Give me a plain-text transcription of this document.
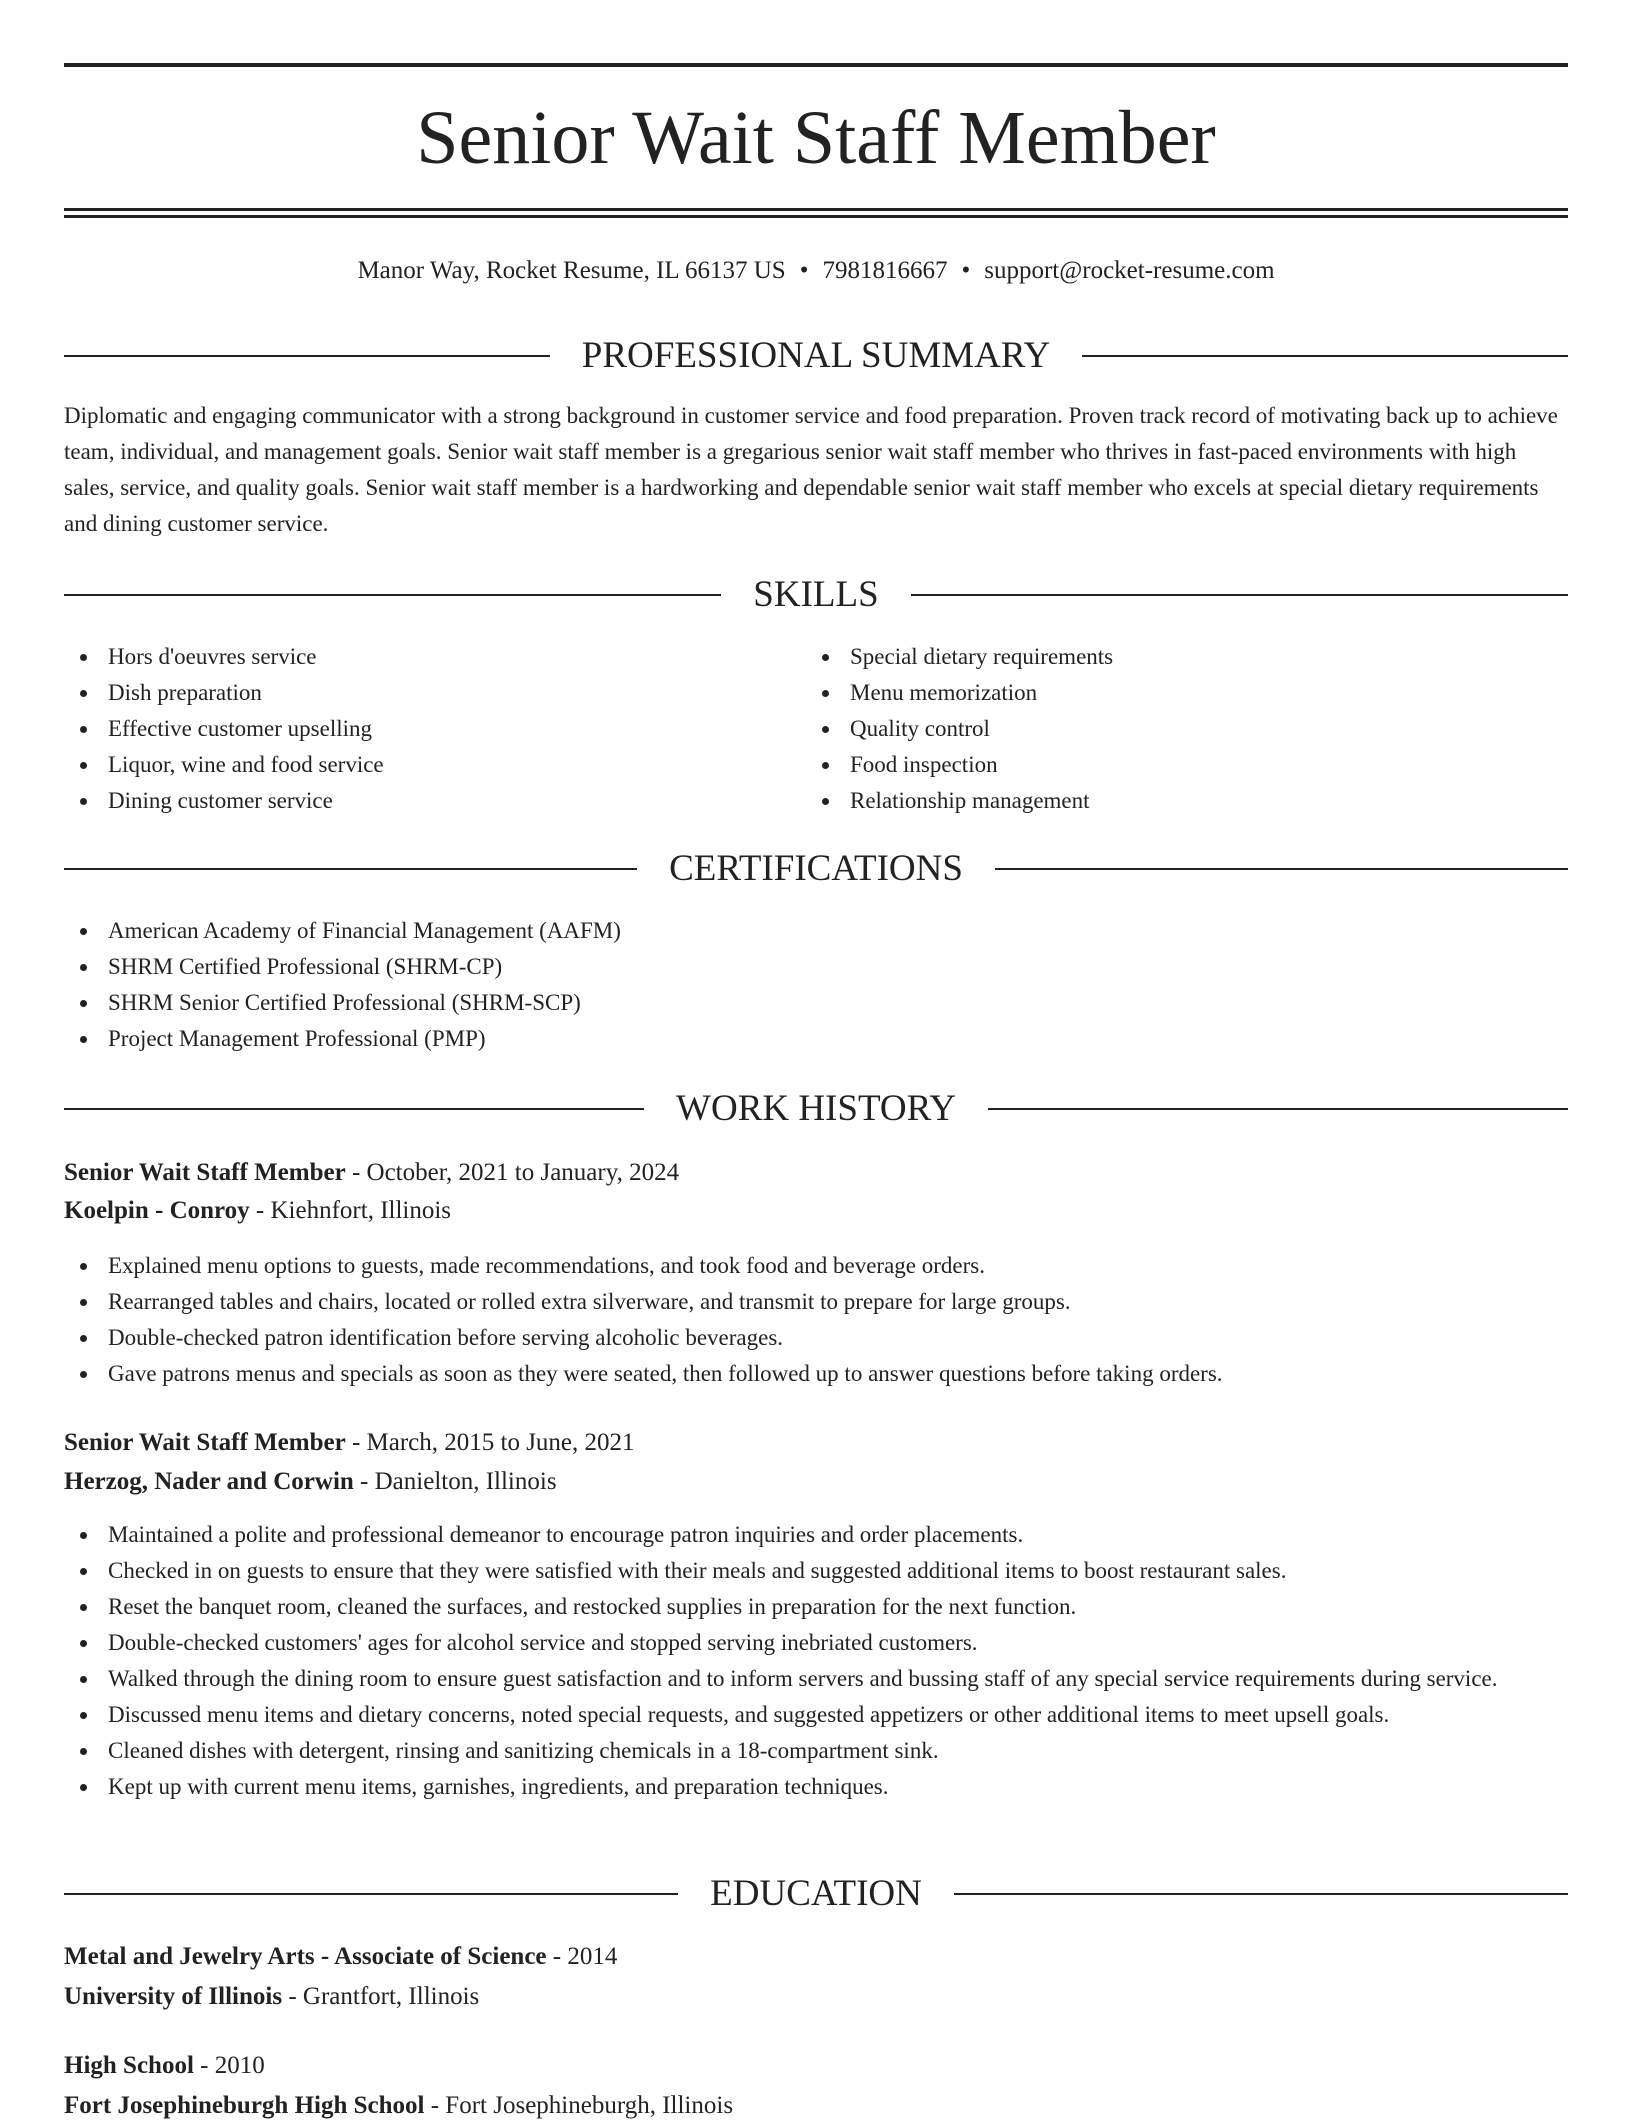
Senior Wait Staff Member
Manor Way, Rocket Resume, IL 66137 US • 7981816667 • support@rocket-resume.com
PROFESSIONAL SUMMARY
Diplomatic and engaging communicator with a strong background in customer service and food preparation. Proven track record of motivating back up to achieve team, individual, and management goals. Senior wait staff member is a gregarious senior wait staff member who thrives in fast-paced environments with high sales, service, and quality goals. Senior wait staff member is a hardworking and dependable senior wait staff member who excels at special dietary requirements and dining customer service.
SKILLS
Hors d'oeuvres service
Dish preparation
Effective customer upselling
Liquor, wine and food service
Dining customer service
Special dietary requirements
Menu memorization
Quality control
Food inspection
Relationship management
CERTIFICATIONS
American Academy of Financial Management (AAFM)
SHRM Certified Professional (SHRM-CP)
SHRM Senior Certified Professional (SHRM-SCP)
Project Management Professional (PMP)
WORK HISTORY
Senior Wait Staff Member - October, 2021 to January, 2024
Koelpin - Conroy - Kiehnfort, Illinois
Explained menu options to guests, made recommendations, and took food and beverage orders.
Rearranged tables and chairs, located or rolled extra silverware, and transmit to prepare for large groups.
Double-checked patron identification before serving alcoholic beverages.
Gave patrons menus and specials as soon as they were seated, then followed up to answer questions before taking orders.
Senior Wait Staff Member - March, 2015 to June, 2021
Herzog, Nader and Corwin - Danielton, Illinois
Maintained a polite and professional demeanor to encourage patron inquiries and order placements.
Checked in on guests to ensure that they were satisfied with their meals and suggested additional items to boost restaurant sales.
Reset the banquet room, cleaned the surfaces, and restocked supplies in preparation for the next function.
Double-checked customers' ages for alcohol service and stopped serving inebriated customers.
Walked through the dining room to ensure guest satisfaction and to inform servers and bussing staff of any special service requirements during service.
Discussed menu items and dietary concerns, noted special requests, and suggested appetizers or other additional items to meet upsell goals.
Cleaned dishes with detergent, rinsing and sanitizing chemicals in a 18-compartment sink.
Kept up with current menu items, garnishes, ingredients, and preparation techniques.
EDUCATION
Metal and Jewelry Arts - Associate of Science - 2014
University of Illinois - Grantfort, Illinois
High School - 2010
Fort Josephineburgh High School - Fort Josephineburgh, Illinois
